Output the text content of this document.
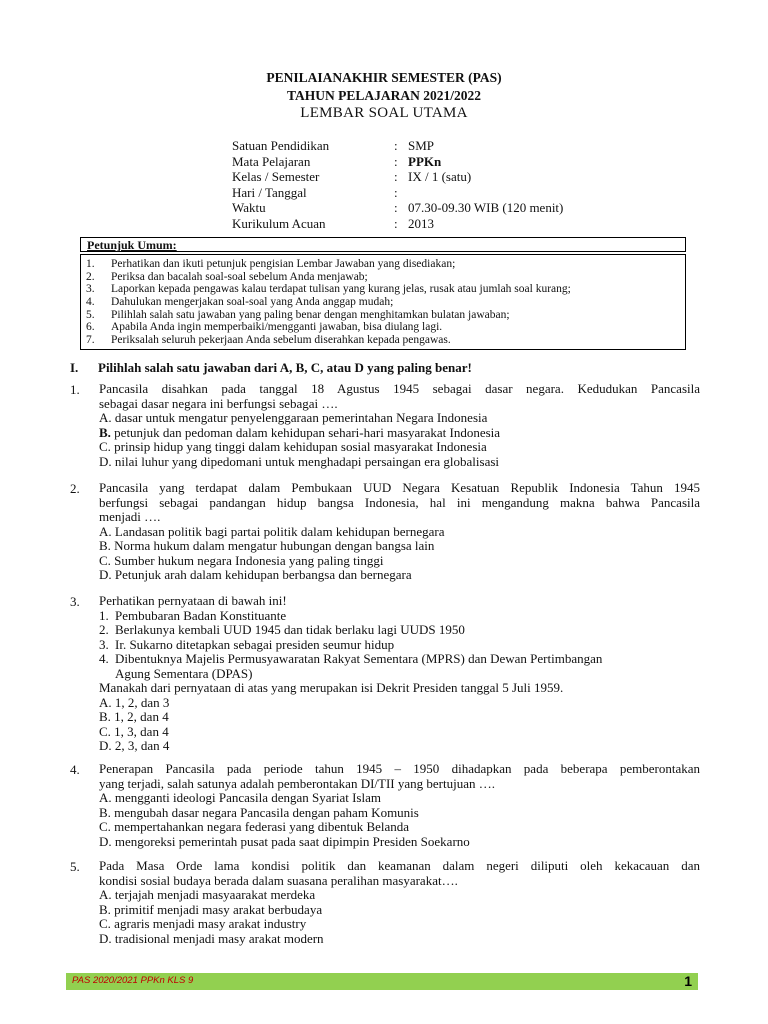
PENILAIANAKHIR SEMESTER (PAS)
TAHUN PELAJARAN 2021/2022
LEMBAR SOAL UTAMA
Satuan Pendidikan	: SMP
Mata Pelajaran	: PPKn
Kelas / Semester	: IX / 1 (satu)
Hari / Tanggal	:
Waktu	: 07.30-09.30 WIB (120 menit)
Kurikulum Acuan	: 2013
Petunjuk Umum:
1. Perhatikan dan ikuti petunjuk pengisian Lembar Jawaban yang disediakan;
2. Periksa dan bacalah soal-soal sebelum Anda menjawab;
3. Laporkan kepada pengawas kalau terdapat tulisan yang kurang jelas, rusak atau jumlah soal kurang;
4. Dahulukan mengerjakan soal-soal yang Anda anggap mudah;
5. Pilihlah salah satu jawaban yang paling benar dengan menghitamkan bulatan jawaban;
6. Apabila Anda ingin memperbaiki/mengganti jawaban, bisa diulang lagi.
7. Periksalah seluruh pekerjaan Anda sebelum diserahkan kepada pengawas.
I. Pilihlah salah satu jawaban dari A, B, C, atau D yang paling benar!
1. Pancasila disahkan pada tanggal 18 Agustus 1945 sebagai dasar negara. Kedudukan Pancasila
sebagai dasar negara ini berfungsi sebagai ….
A. dasar untuk mengatur penyelenggaraan pemerintahan Negara Indonesia
B. petunjuk dan pedoman dalam kehidupan sehari-hari masyarakat Indonesia
C. prinsip hidup yang tinggi dalam kehidupan sosial masyarakat Indonesia
D. nilai luhur yang dipedomani untuk menghadapi persaingan era globalisasi
2. Pancasila yang terdapat dalam Pembukaan UUD Negara Kesatuan Republik Indonesia Tahun 1945
berfungsi sebagai pandangan hidup bangsa Indonesia, hal ini mengandung makna bahwa Pancasila
menjadi ….
A. Landasan politik bagi partai politik dalam kehidupan bernegara
B. Norma hukum dalam mengatur hubungan dengan bangsa lain
C. Sumber hukum negara Indonesia yang paling tinggi
D. Petunjuk arah dalam kehidupan berbangsa dan bernegara
3. Perhatikan pernyataan di bawah ini!
1. Pembubaran Badan Konstituante
2. Berlakunya kembali UUD 1945 dan tidak berlaku lagi UUDS 1950
3. Ir. Sukarno ditetapkan sebagai presiden seumur hidup
4. Dibentuknya Majelis Permusyawaratan Rakyat Sementara (MPRS) dan Dewan Pertimbangan
Agung Sementara (DPAS)
Manakah dari pernyataan di atas yang merupakan isi Dekrit Presiden tanggal 5 Juli 1959.
A. 1, 2, dan 3
B. 1, 2, dan 4
C. 1, 3, dan 4
D. 2, 3, dan 4
4. Penerapan Pancasila pada periode tahun 1945 – 1950 dihadapkan pada beberapa pemberontakan
yang terjadi, salah satunya adalah pemberontakan DI/TII yang bertujuan ….
A. mengganti ideologi Pancasila dengan Syariat Islam
B. mengubah dasar negara Pancasila dengan paham Komunis
C. mempertahankan negara federasi yang dibentuk Belanda
D. mengoreksi pemerintah pusat pada saat dipimpin Presiden Soekarno
5. Pada Masa Orde lama kondisi politik dan keamanan dalam negeri diliputi oleh kekacauan dan
kondisi sosial budaya berada dalam suasana peralihan masyarakat….
A. terjajah menjadi masyaarakat merdeka
B. primitif menjadi masy arakat berbudaya
C. agraris menjadi masy arakat industry
D. tradisional menjadi masy arakat modern
PAS 2020/2021 PPKn KLS 9	1
